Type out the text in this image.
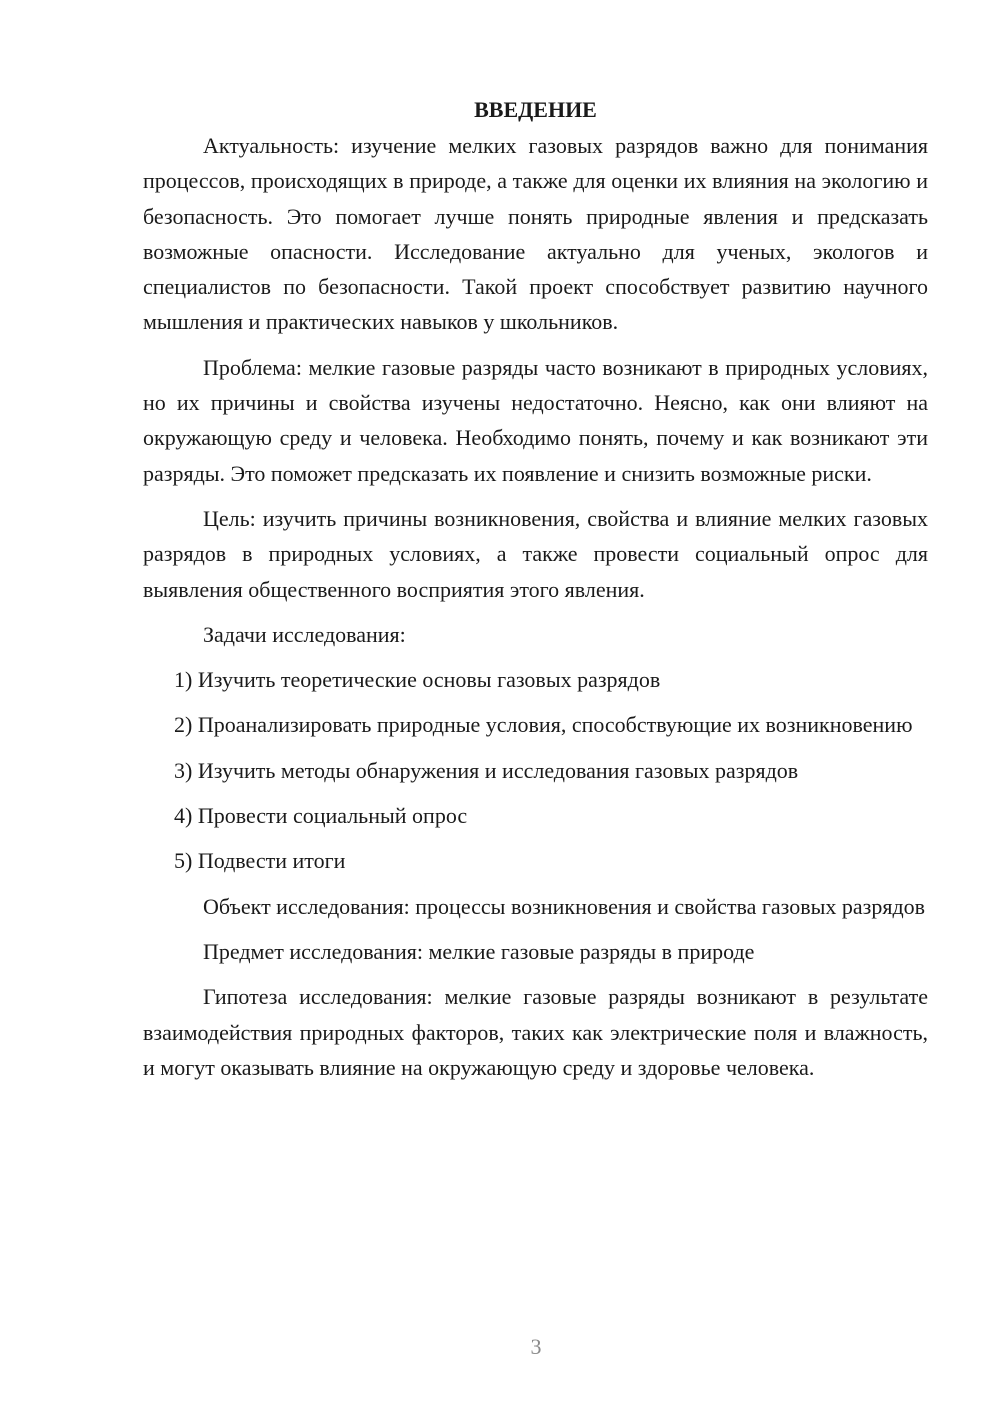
ВВЕДЕНИЕ

Актуальность: изучение мелких газовых разрядов важно для понимания процессов, происходящих в природе, а также для оценки их влияния на экологию и безопасность. Это помогает лучше понять природные явления и предсказать возможные опасности. Исследование актуально для ученых, экологов и специалистов по безопасности. Такой проект способствует развитию научного мышления и практических навыков у школьников.

Проблема: мелкие газовые разряды часто возникают в природных условиях, но их причины и свойства изучены недостаточно. Неясно, как они влияют на окружающую среду и человека. Необходимо понять, почему и как возникают эти разряды. Это поможет предсказать их появление и снизить возможные риски.

Цель: изучить причины возникновения, свойства и влияние мелких газовых разрядов в природных условиях, а также провести социальный опрос для выявления общественного восприятия этого явления.

Задачи исследования:

1) Изучить теоретические основы газовых разрядов

2) Проанализировать природные условия, способствующие их возникновению

3) Изучить методы обнаружения и исследования газовых разрядов

4) Провести социальный опрос

5) Подвести итоги

Объект исследования: процессы возникновения и свойства газовых разрядов

Предмет исследования: мелкие газовые разряды в природе

Гипотеза исследования: мелкие газовые разряды возникают в результате взаимодействия природных факторов, таких как электрические поля и влажность, и могут оказывать влияние на окружающую среду и здоровье человека.

3
